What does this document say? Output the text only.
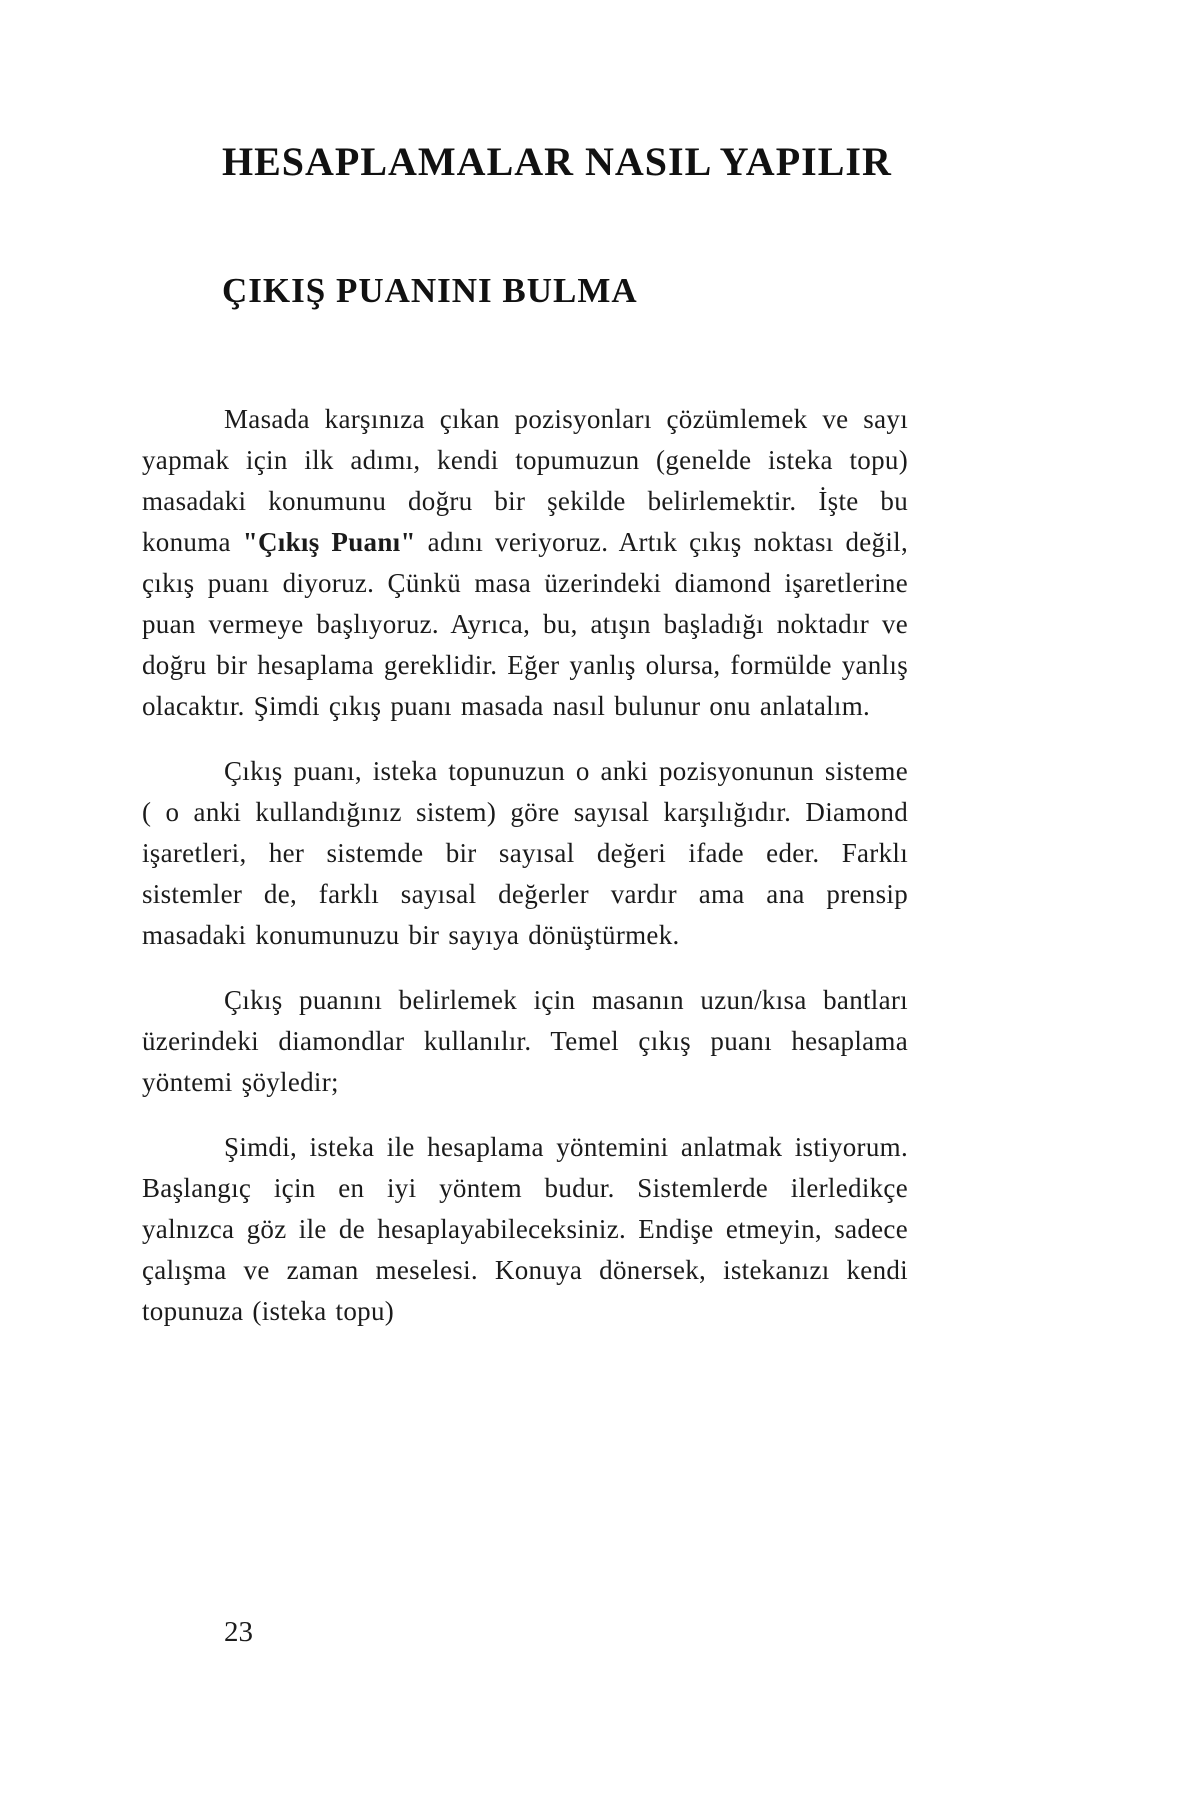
HESAPLAMALAR NASIL YAPILIR
ÇIKIŞ PUANINI BULMA

Masada karşınıza çıkan pozisyonları çözümlemek ve sayı yapmak için ilk adımı, kendi topumuzun (genelde isteka topu) masadaki konumunu doğru bir şekilde belirlemektir. İşte bu konuma "Çıkış Puanı" adını veriyoruz. Artık çıkış noktası değil, çıkış puanı diyoruz. Çünkü masa üzerindeki diamond işaretlerine puan vermeye başlıyoruz. Ayrıca, bu, atışın başladığı noktadır ve doğru bir hesaplama gereklidir. Eğer yanlış olursa, formülde yanlış olacaktır. Şimdi çıkış puanı masada nasıl bulunur onu anlatalım.

Çıkış puanı, isteka topunuzun o anki pozisyonunun sisteme ( o anki kullandığınız sistem) göre sayısal karşılığıdır. Diamond işaretleri, her sistemde bir sayısal değeri ifade eder. Farklı sistemler de, farklı sayısal değerler vardır ama ana prensip masadaki konumunuzu bir sayıya dönüştürmek.

Çıkış puanını belirlemek için masanın uzun/kısa bantları üzerindeki diamondlar kullanılır. Temel çıkış puanı hesaplama yöntemi şöyledir;

Şimdi, isteka ile hesaplama yöntemini anlatmak istiyorum. Başlangıç için en iyi yöntem budur. Sistemlerde ilerledikçe yalnızca göz ile de hesaplayabileceksiniz. Endişe etmeyin, sadece çalışma ve zaman meselesi. Konuya dönersek, istekanızı kendi topunuza (isteka topu)

23
